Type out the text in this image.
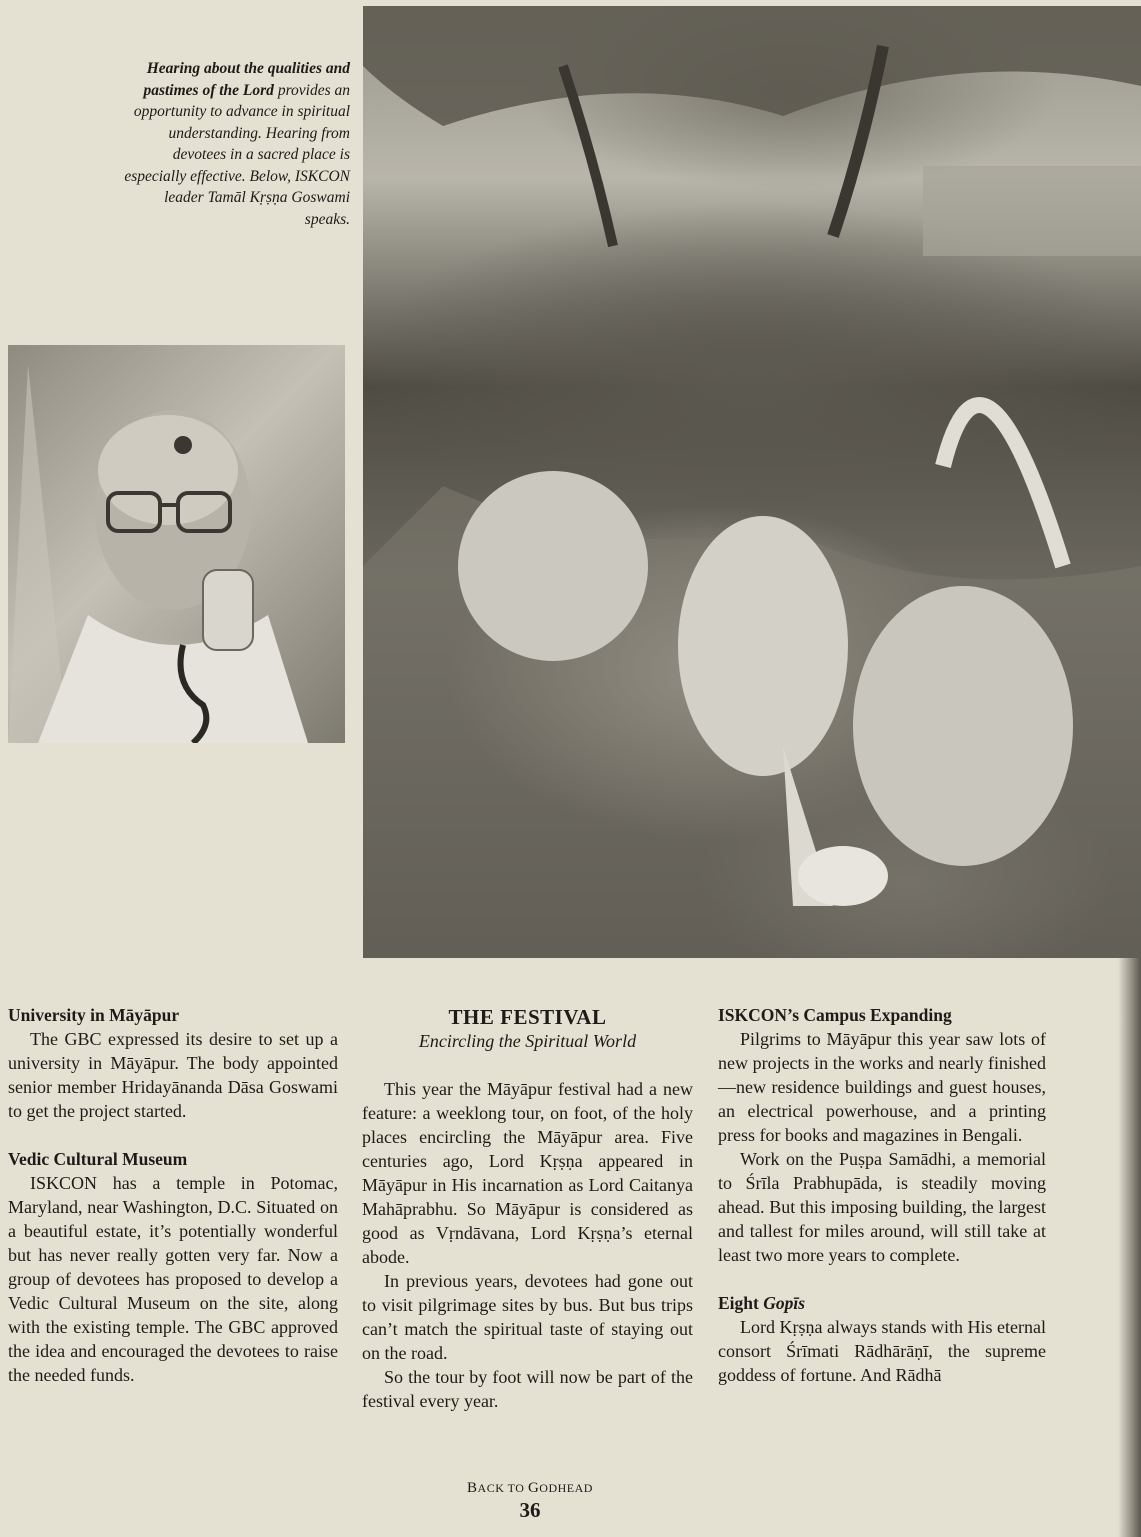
Hearing about the qualities and pastimes of the Lord provides an opportunity to advance in spiritual understanding. Hearing from devotees in a sacred place is especially effective. Below, ISKCON leader Tamāl Kṛṣṇa Goswami speaks.
University in Māyāpur

The GBC expressed its desire to set up a university in Māyāpur. The body appointed senior member Hridayānanda Dāsa Goswami to get the project started.

Vedic Cultural Museum

ISKCON has a temple in Potomac, Maryland, near Washington, D.C. Situated on a beautiful estate, it’s potentially wonderful but has never really gotten very far. Now a group of devotees has proposed to develop a Vedic Cultural Museum on the site, along with the existing temple. The GBC approved the idea and encouraged the devotees to raise the needed funds.

THE FESTIVAL
Encircling the Spiritual World

This year the Māyāpur festival had a new feature: a weeklong tour, on foot, of the holy places encircling the Māyāpur area. Five centuries ago, Lord Kṛṣṇa appeared in Māyāpur in His incarnation as Lord Caitanya Mahāprabhu. So Māyāpur is considered as good as Vṛndāvana, Lord Kṛṣṇa’s eternal abode.

In previous years, devotees had gone out to visit pilgrimage sites by bus. But bus trips can’t match the spiritual taste of staying out on the road.

So the tour by foot will now be part of the festival every year.

ISKCON’s Campus Expanding

Pilgrims to Māyāpur this year saw lots of new projects in the works and nearly finished—new residence buildings and guest houses, an electrical powerhouse, and a printing press for books and magazines in Bengali.

Work on the Puṣpa Samādhi, a memorial to Śrīla Prabhupāda, is steadily moving ahead. But this imposing building, the largest and tallest for miles around, will still take at least two more years to complete.

Eight Gopīs

Lord Kṛṣṇa always stands with His eternal consort Śrīmati Rādhārāṇī, the supreme goddess of fortune. And Rādhā

BACK TO GODHEAD
36
